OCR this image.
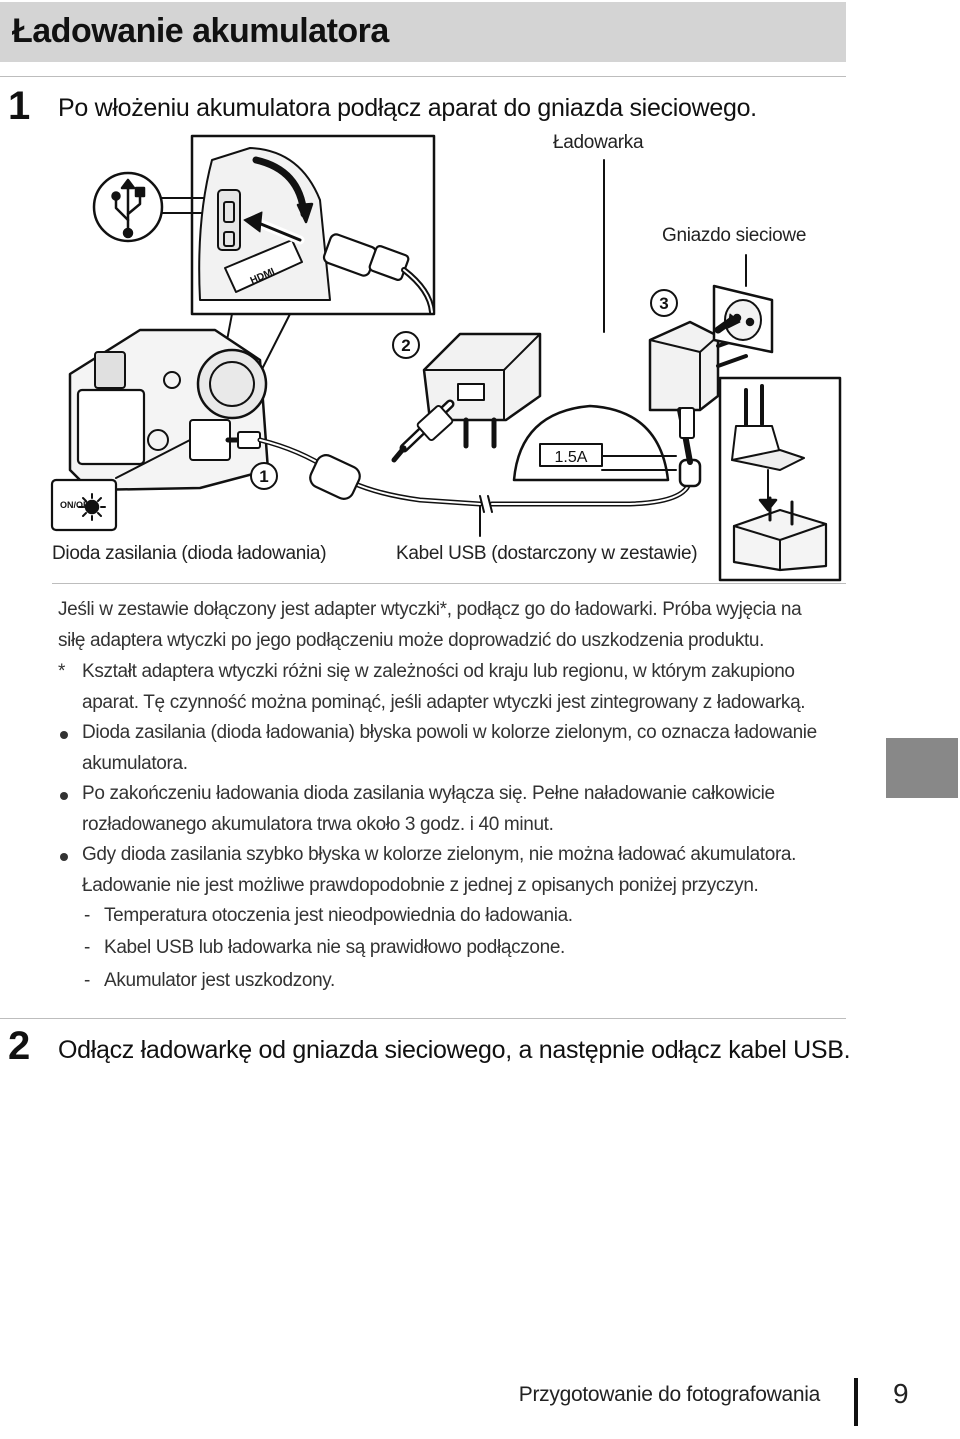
Ładowanie akumulatora
1 Po włożeniu akumulatora podłącz aparat do gniazda sieciowego.
Ładowarka
Gniazdo sieciowe
Dioda zasilania (dioda ładowania)	Kabel USB (dostarczony w zestawie)
1
2
3
1.5A
ON/OFF
HDMI
Jeśli w zestawie dołączony jest adapter wtyczki*, podłącz go do ładowarki. Próba wyjęcia na siłę adaptera wtyczki po jego podłączeniu może doprowadzić do uszkodzenia produktu.
* Kształt adaptera wtyczki różni się w zależności od kraju lub regionu, w którym zakupiono aparat. Tę czynność można pominąć, jeśli adapter wtyczki jest zintegrowany z ładowarką.
Dioda zasilania (dioda ładowania) błyska powoli w kolorze zielonym, co oznacza ładowanie akumulatora.
Po zakończeniu ładowania dioda zasilania wyłącza się. Pełne naładowanie całkowicie rozładowanego akumulatora trwa około 3 godz. i 40 minut.
Gdy dioda zasilania szybko błyska w kolorze zielonym, nie można ładować akumulatora. Ładowanie nie jest możliwe prawdopodobnie z jednej z opisanych poniżej przyczyn.
- Temperatura otoczenia jest nieodpowiednia do ładowania.
- Kabel USB lub ładowarka nie są prawidłowo podłączone.
- Akumulator jest uszkodzony.
2 Odłącz ładowarkę od gniazda sieciowego, a następnie odłącz kabel USB.
Przygotowanie do fotografowania	9
